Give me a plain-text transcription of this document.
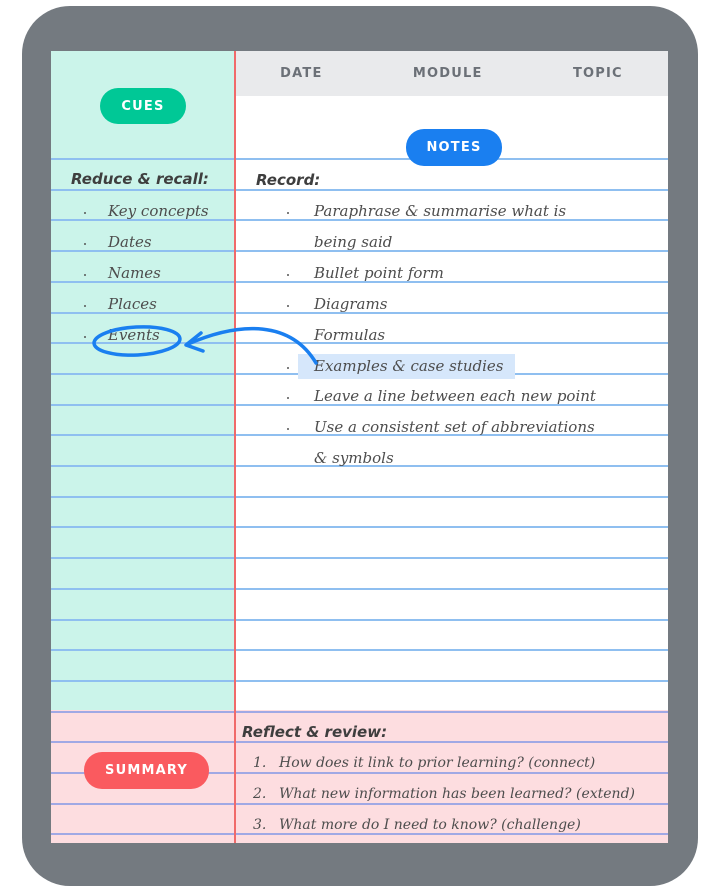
DATE	MODULE	TOPIC
CUES
NOTES
SUMMARY
Reduce & recall:
Key concepts
Dates
Names
Places
Events
Record:
Paraphrase & summarise what is
being said
Bullet point form
Diagrams
Formulas
Examples & case studies
Leave a line between each new point
Use a consistent set of abbreviations
& symbols
Reflect & review:
1. How does it link to prior learning? (connect)
2. What new information has been learned? (extend)
3. What more do I need to know? (challenge)
